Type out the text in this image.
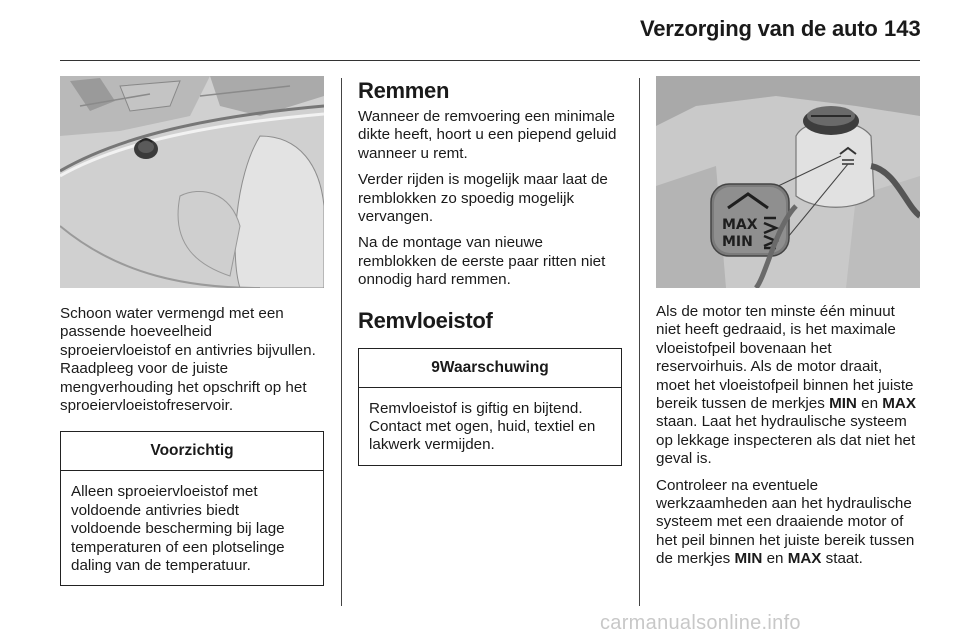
Verzorging van de auto 143

Schoon water vermengd met een passende hoeveelheid sproeiervloeistof en antivries bijvullen. Raadpleeg voor de juiste mengverhouding het opschrift op het sproeiervloeistofreservoir.

Voorzichtig
Alleen sproeiervloeistof met voldoende antivries biedt voldoende bescherming bij lage temperaturen of een plotselinge daling van de temperatuur.
Remmen

Wanneer de remvoering een minimale dikte heeft, hoort u een piepend geluid wanneer u remt.

Verder rijden is mogelijk maar laat de remblokken zo spoedig mogelijk vervangen.

Na de montage van nieuwe remblokken de eerste paar ritten niet onnodig hard remmen.

Remvloeistof
9Waarschuwing
Remvloeistof is giftig en bijtend. Contact met ogen, huid, textiel en lakwerk vermijden.
MAX
MIN

Als de motor ten minste één minuut niet heeft gedraaid, is het maximale vloeistofpeil bovenaan het reservoirhuis. Als de motor draait, moet het vloeistofpeil binnen het juiste bereik tussen de merkjes MIN en MAX staan. Laat het hydraulische systeem op lekkage inspecteren als dat niet het geval is.

Controleer na eventuele werkzaamheden aan het hydraulische systeem met een draaiende motor of het peil binnen het juiste bereik tussen de merkjes MIN en MAX staat.

carmanualsonline.info
